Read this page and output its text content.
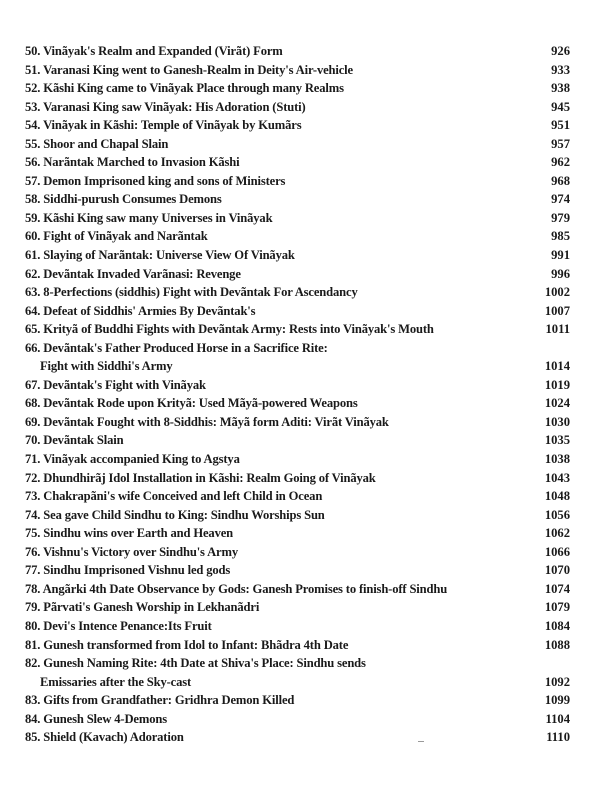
50. Vinãyak's Realm and Expanded (Virãt) Form	926
51. Varanasi King went to Ganesh-Realm in Deity's Air-vehicle	933
52. Kãshi King came to Vinãyak Place through many Realms	938
53. Varanasi King saw Vinãyak: His Adoration (Stuti)	945
54. Vinãyak in Kãshi: Temple of Vinãyak by Kumãrs	951
55. Shoor and Chapal Slain	957
56. Narãntak Marched to Invasion Kãshi	962
57. Demon Imprisoned king and sons of Ministers	968
58. Siddhi-purush Consumes Demons	974
59. Kãshi King saw many Universes in Vinãyak	979
60. Fight of Vinãyak and Narãntak	985
61. Slaying of Narãntak: Universe View Of Vinãyak	991
62. Devãntak Invaded Varãnasi: Revenge	996
63. 8-Perfections (siddhis) Fight with Devãntak For Ascendancy	1002
64. Defeat of Siddhis' Armies By Devãntak's	1007
65. Krityã of Buddhi Fights with Devãntak Army: Rests into Vinãyak's Mouth	1011
66. Devãntak's Father Produced Horse in a Sacrifice Rite:
Fight with Siddhi's Army	1014
67. Devãntak's Fight with Vinãyak	1019
68. Devãntak Rode upon Krityã: Used Mãyã-powered Weapons	1024
69. Devãntak Fought with 8-Siddhis: Mãyã form Aditi: Virãt Vinãyak	1030
70. Devãntak Slain	1035
71. Vinãyak accompanied King to Agstya	1038
72. Dhundhirãj Idol Installation in Kãshi: Realm Going of Vinãyak	1043
73. Chakrapãni's wife Conceived and left Child in Ocean	1048
74. Sea gave Child Sindhu to King: Sindhu Worships Sun	1056
75. Sindhu wins over Earth and Heaven	1062
76. Vishnu's Victory over Sindhu's Army	1066
77. Sindhu Imprisoned Vishnu led gods	1070
78. Angãrki 4th Date Observance by Gods: Ganesh Promises to finish-off Sindhu	1074
79. Pãrvati's Ganesh Worship in Lekhanãdri	1079
80. Devi's Intence Penance:Its Fruit	1084
81. Gunesh transformed from Idol to Infant: Bhãdra 4th Date	1088
82. Gunesh Naming Rite: 4th Date at Shiva's Place: Sindhu sends
Emissaries after the Sky-cast	1092
83. Gifts from Grandfather: Gridhra Demon Killed	1099
84. Gunesh Slew 4-Demons	1104
85. Shield (Kavach) Adoration	1110
